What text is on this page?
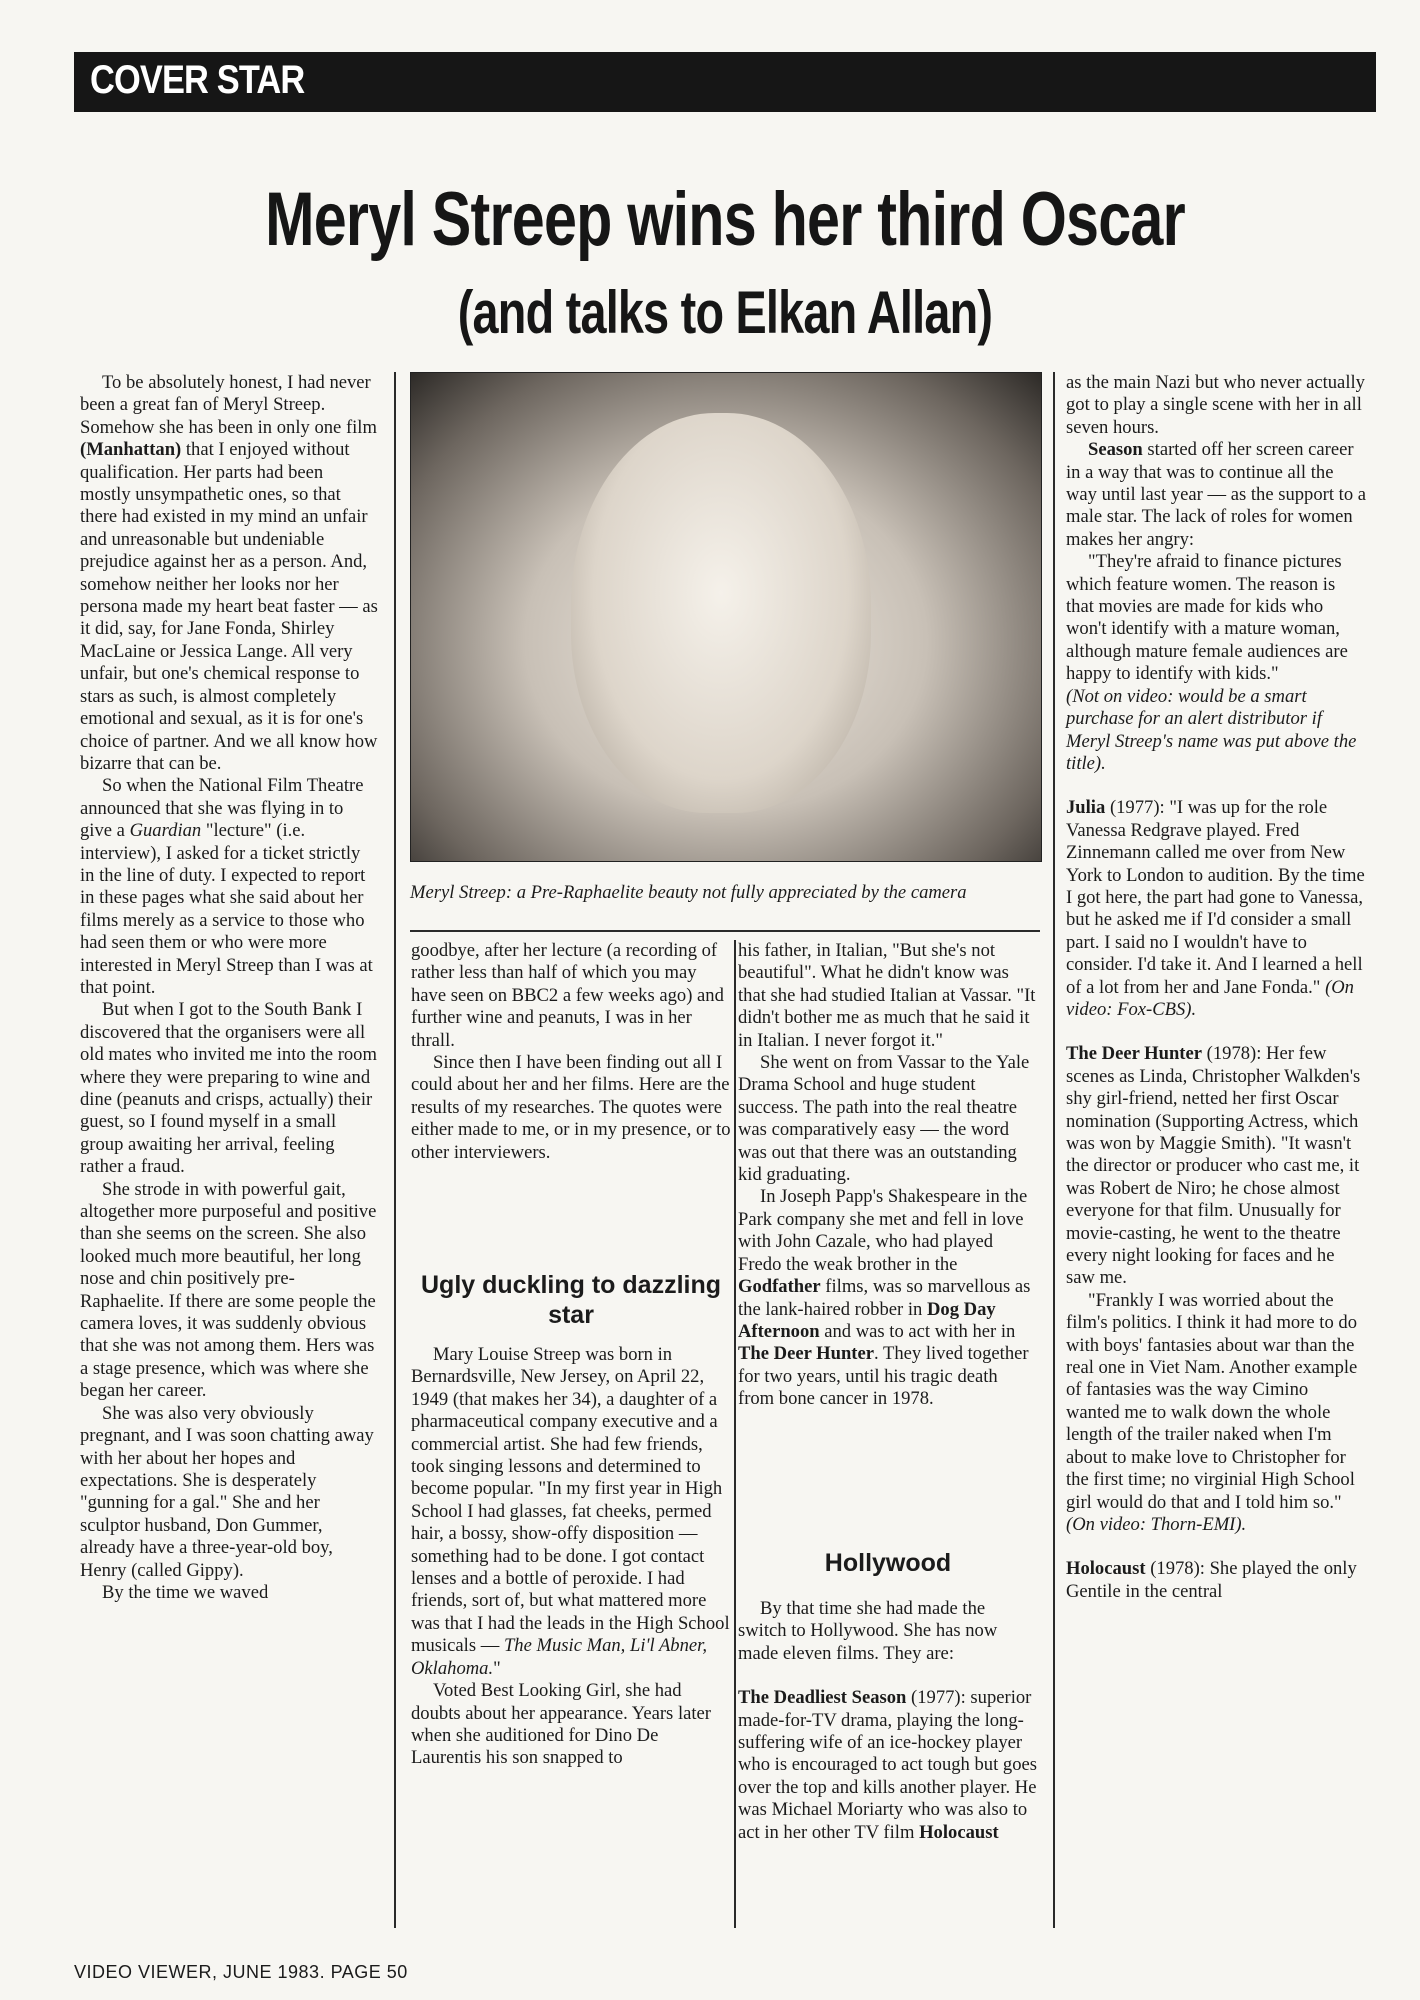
COVER STAR
Meryl Streep wins her third Oscar
(and talks to Elkan Allan)

To be absolutely honest, I had never been a great fan of Meryl Streep. Somehow she has been in only one film (Manhattan) that I enjoyed without qualification. Her parts had been mostly unsympathetic ones, so that there had existed in my mind an unfair and unreasonable but undeniable prejudice against her as a person. And, somehow neither her looks nor her persona made my heart beat faster — as it did, say, for Jane Fonda, Shirley MacLaine or Jessica Lange. All very unfair, but one's chemical response to stars as such, is almost completely emotional and sexual, as it is for one's choice of partner. And we all know how bizarre that can be.

So when the National Film Theatre announced that she was flying in to give a Guardian "lecture" (i.e. interview), I asked for a ticket strictly in the line of duty. I expected to report in these pages what she said about her films merely as a service to those who had seen them or who were more interested in Meryl Streep than I was at that point.

But when I got to the South Bank I discovered that the organisers were all old mates who invited me into the room where they were preparing to wine and dine (peanuts and crisps, actually) their guest, so I found myself in a small group awaiting her arrival, feeling rather a fraud.

She strode in with powerful gait, altogether more purposeful and positive than she seems on the screen. She also looked much more beautiful, her long nose and chin positively pre-Raphaelite. If there are some people the camera loves, it was suddenly obvious that she was not among them. Hers was a stage presence, which was where she began her career.

She was also very obviously pregnant, and I was soon chatting away with her about her hopes and expectations. She is desperately "gunning for a gal." She and her sculptor husband, Don Gummer, already have a three-year-old boy, Henry (called Gippy).

By the time we waved

Meryl Streep: a Pre-Raphaelite beauty not fully appreciated by the camera

goodbye, after her lecture (a recording of rather less than half of which you may have seen on BBC2 a few weeks ago) and further wine and peanuts, I was in her thrall.

Since then I have been finding out all I could about her and her films. Here are the results of my researches. The quotes were either made to me, or in my presence, or to other interviewers.

Ugly duckling to dazzling star

Mary Louise Streep was born in Bernardsville, New Jersey, on April 22, 1949 (that makes her 34), a daughter of a pharmaceutical company executive and a commercial artist. She had few friends, took singing lessons and determined to become popular. "In my first year in High School I had glasses, fat cheeks, permed hair, a bossy, show-offy disposition — something had to be done. I got contact lenses and a bottle of peroxide. I had friends, sort of, but what mattered more was that I had the leads in the High School musicals — The Music Man, Li'l Abner, Oklahoma."

Voted Best Looking Girl, she had doubts about her appearance. Years later when she auditioned for Dino De Laurentis his son snapped to

his father, in Italian, "But she's not beautiful". What he didn't know was that she had studied Italian at Vassar. "It didn't bother me as much that he said it in Italian. I never forgot it."

She went on from Vassar to the Yale Drama School and huge student success. The path into the real theatre was comparatively easy — the word was out that there was an outstanding kid graduating.

In Joseph Papp's Shakespeare in the Park company she met and fell in love with John Cazale, who had played Fredo the weak brother in the Godfather films, was so marvellous as the lank-haired robber in Dog Day Afternoon and was to act with her in The Deer Hunter. They lived together for two years, until his tragic death from bone cancer in 1978.

Hollywood

By that time she had made the switch to Hollywood. She has now made eleven films. They are:

The Deadliest Season (1977): superior made-for-TV drama, playing the long-suffering wife of an ice-hockey player who is encouraged to act tough but goes over the top and kills another player. He was Michael Moriarty who was also to act in her other TV film Holocaust

as the main Nazi but who never actually got to play a single scene with her in all seven hours.

Season started off her screen career in a way that was to continue all the way until last year — as the support to a male star. The lack of roles for women makes her angry:

"They're afraid to finance pictures which feature women. The reason is that movies are made for kids who won't identify with a mature woman, although mature female audiences are happy to identify with kids."

(Not on video: would be a smart purchase for an alert distributor if Meryl Streep's name was put above the title).

Julia (1977): "I was up for the role Vanessa Redgrave played. Fred Zinnemann called me over from New York to London to audition. By the time I got here, the part had gone to Vanessa, but he asked me if I'd consider a small part. I said no I wouldn't have to consider. I'd take it. And I learned a hell of a lot from her and Jane Fonda." (On video: Fox-CBS).

The Deer Hunter (1978): Her few scenes as Linda, Christopher Walkden's shy girl-friend, netted her first Oscar nomination (Supporting Actress, which was won by Maggie Smith). "It wasn't the director or producer who cast me, it was Robert de Niro; he chose almost everyone for that film. Unusually for movie-casting, he went to the theatre every night looking for faces and he saw me.

"Frankly I was worried about the film's politics. I think it had more to do with boys' fantasies about war than the real one in Viet Nam. Another example of fantasies was the way Cimino wanted me to walk down the whole length of the trailer naked when I'm about to make love to Christopher for the first time; no virginial High School girl would do that and I told him so." (On video: Thorn-EMI).

Holocaust (1978): She played the only Gentile in the central

VIDEO VIEWER, JUNE 1983. PAGE 50
